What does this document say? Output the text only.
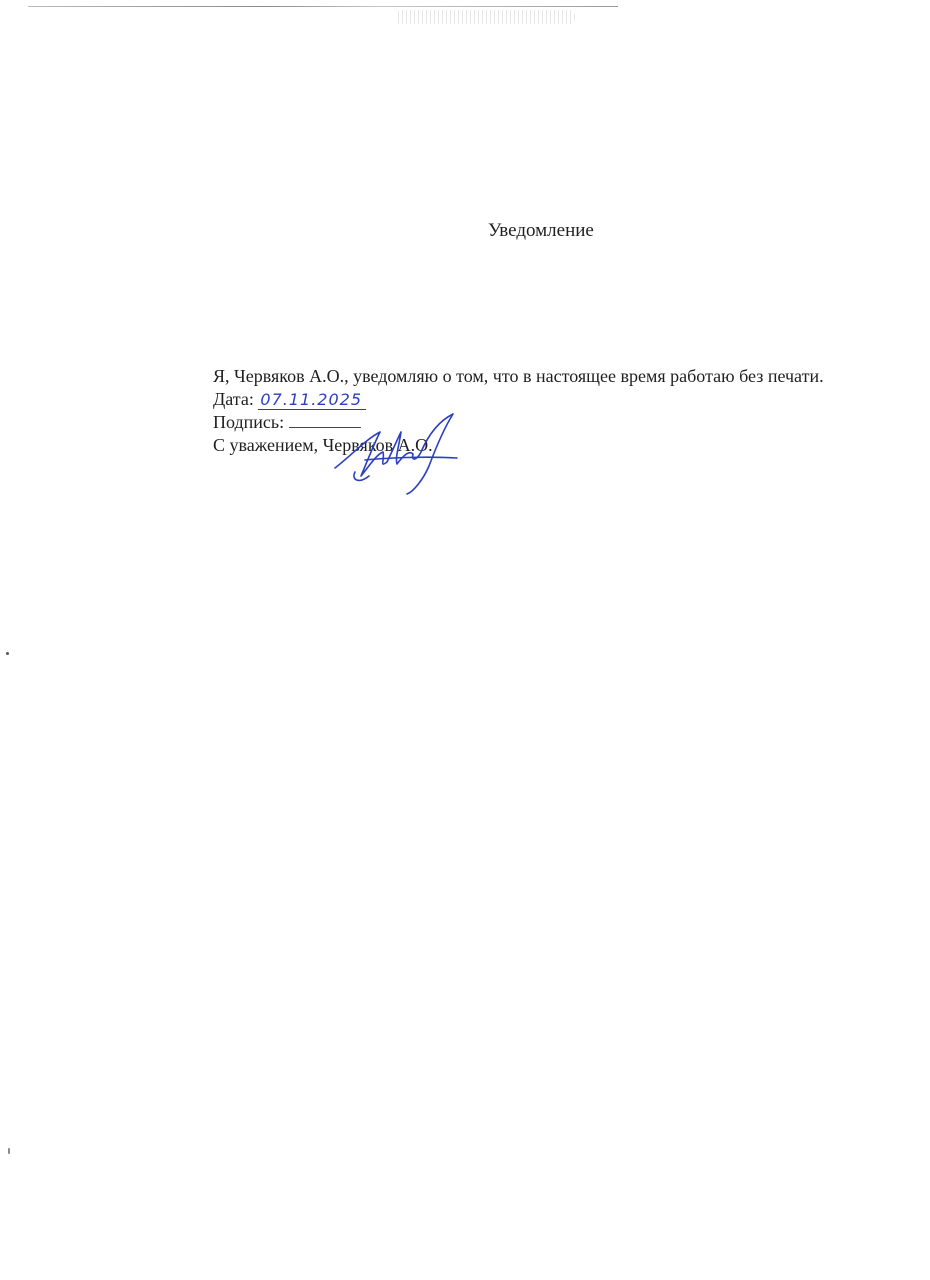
Уведомление

Я, Червяков А.О., уведомляю о том, что в настоящее время работаю без печати.

Дата: 07.11.2025

Подпись:

С уважением, Червяков А.О.
